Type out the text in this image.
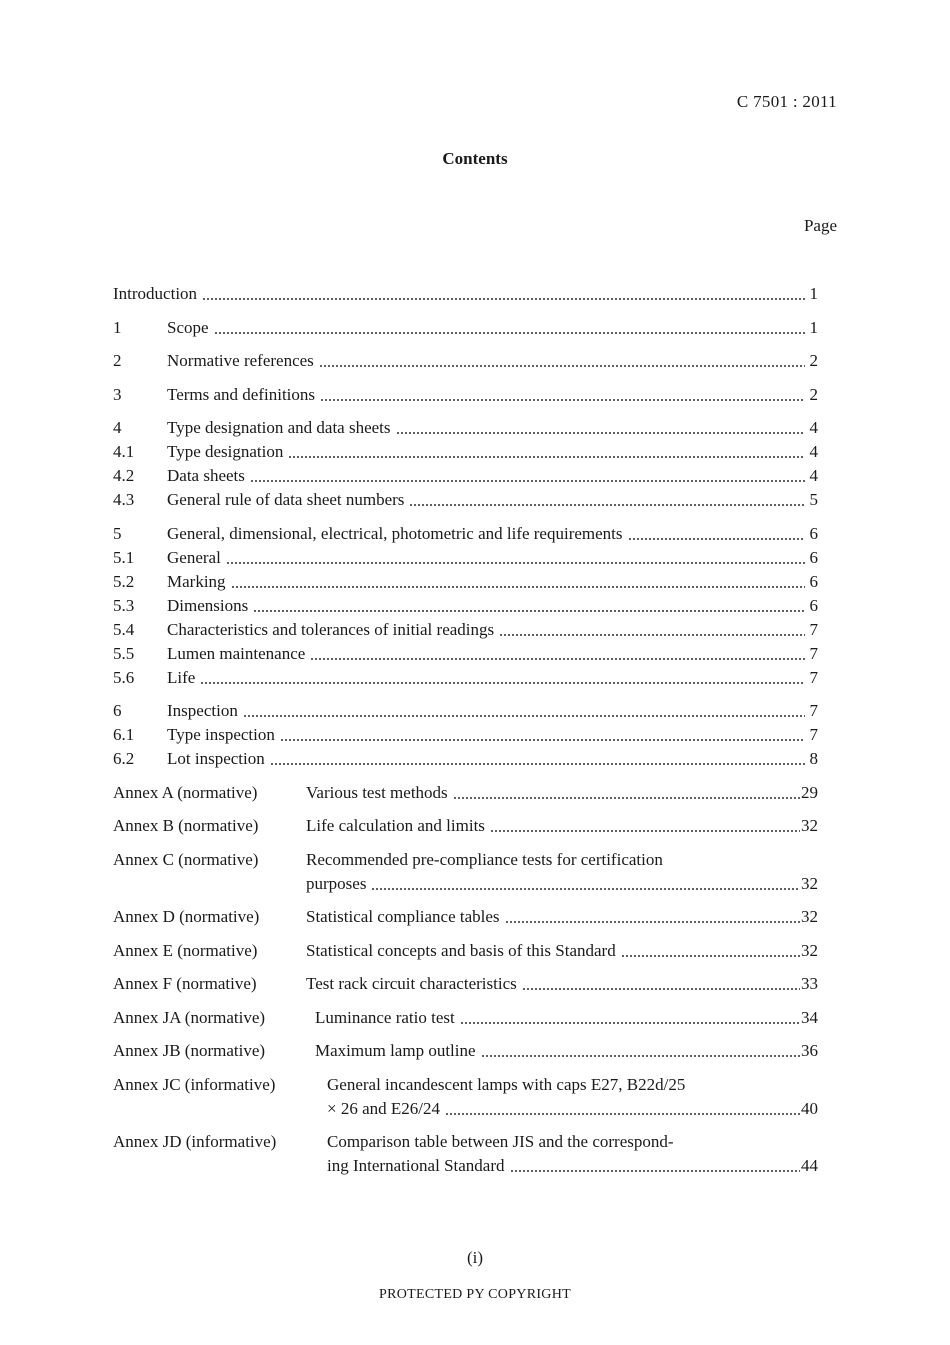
C 7501 : 2011
Contents
Page
Introduction	1
1	Scope	1
2	Normative references	2
3	Terms and definitions	2
4	Type designation and data sheets	4
4.1	Type designation	4
4.2	Data sheets	4
4.3	General rule of data sheet numbers	5
5	General, dimensional, electrical, photometric and life requirements	6
5.1	General	6
5.2	Marking	6
5.3	Dimensions	6
5.4	Characteristics and tolerances of initial readings	7
5.5	Lumen maintenance	7
5.6	Life	7
6	Inspection	7
6.1	Type inspection	7
6.2	Lot inspection	8
Annex A (normative)	Various test methods	29
Annex B (normative)	Life calculation and limits	32
Annex C (normative)	Recommended pre-compliance tests for certification
purposes	32
Annex D (normative)	Statistical compliance tables	32
Annex E (normative)	Statistical concepts and basis of this Standard	32
Annex F (normative)	Test rack circuit characteristics	33
Annex JA (normative)	Luminance ratio test	34
Annex JB (normative)	Maximum lamp outline	36
Annex JC (informative)	General incandescent lamps with caps E27, B22d/25
× 26 and E26/24	40
Annex JD (informative)	Comparison table between JIS and the correspond-
ing International Standard	44
(i)
PROTECTED PY COPYRIGHT
